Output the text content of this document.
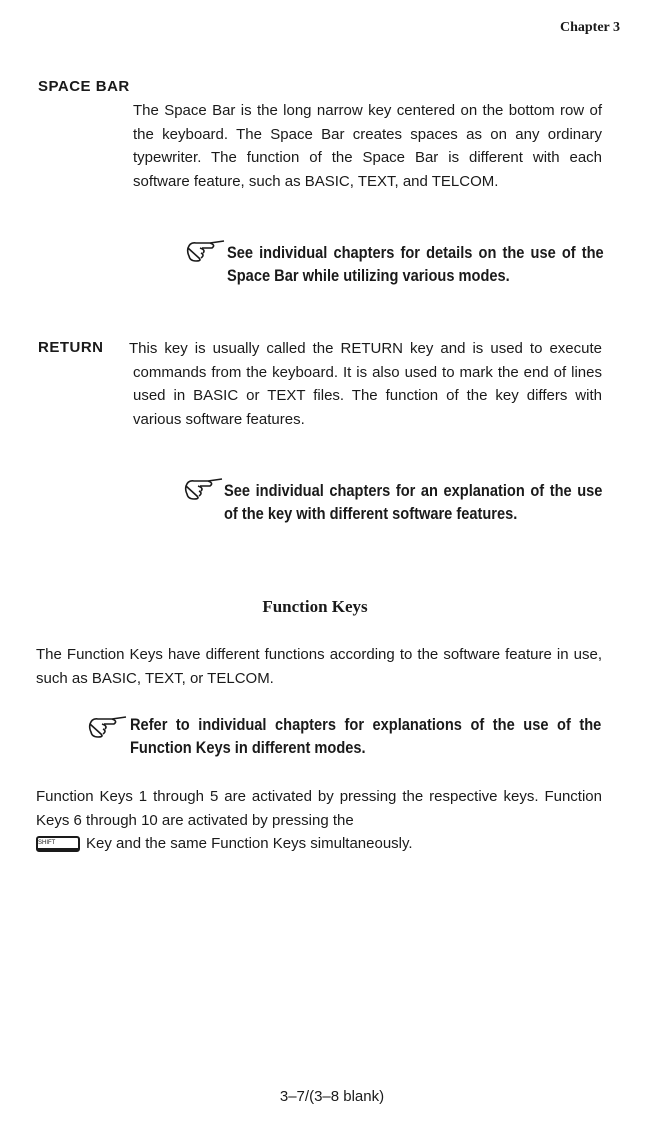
Chapter 3
SPACE BAR
The Space Bar is the long narrow key centered on the bottom row of the keyboard. The Space Bar creates spaces as on any ordinary typewriter. The function of the Space Bar is different with each software feature, such as BASIC, TEXT, and TELCOM.
See individual chapters for details on the use of the Space Bar while utilizing various modes.
RETURN This key is usually called the RETURN key and is used to execute commands from the keyboard. It is also used to mark the end of lines used in BASIC or TEXT files. The function of the key differs with various software features.
See individual chapters for an explanation of the use of the key with different software features.
Function Keys
The Function Keys have different functions according to the software feature in use, such as BASIC, TEXT, or TELCOM.
Refer to individual chapters for explanations of the use of the Function Keys in different modes.
Function Keys 1 through 5 are activated by pressing the respective keys. Function Keys 6 through 10 are activated by pressing the
SHIFT Key and the same Function Keys simultaneously.
3–7/(3–8 blank)
